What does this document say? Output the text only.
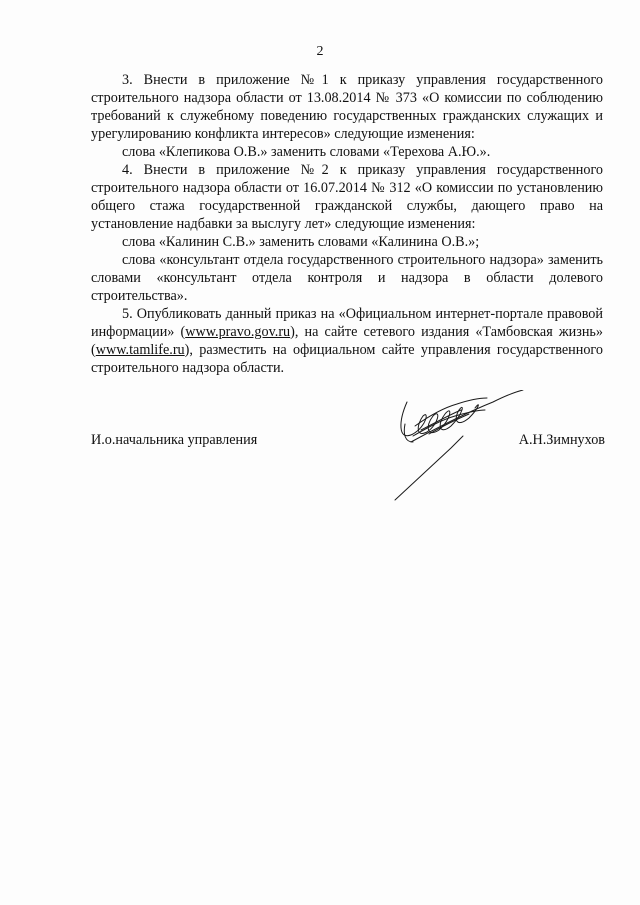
2

3. Внести в приложение №1 к приказу управления государственного строительного надзора области от 13.08.2014 № 373 «О комиссии по соблюдению требований к служебному поведению государственных гражданских служащих и урегулированию конфликта интересов» следующие изменения:

слова «Клепикова О.В.» заменить словами «Терехова А.Ю.».

4. Внести в приложение №2 к приказу управления государственного строительного надзора области от 16.07.2014 № 312 «О комиссии по установлению общего стажа государственной гражданской службы, дающего право на установление надбавки за выслугу лет» следующие изменения:

слова «Калинин С.В.» заменить словами «Калинина О.В.»;

слова «консультант отдела государственного строительного надзора» заменить словами «консультант отдела контроля и надзора в области долевого строительства».

5. Опубликовать данный приказ на «Официальном интернет-портале правовой информации» (www.pravo.gov.ru), на сайте сетевого издания «Тамбовская жизнь» (www.tamlife.ru), разместить на официальном сайте управления государственного строительного надзора области.

И.о.начальника управления	А.Н.Зимнухов
